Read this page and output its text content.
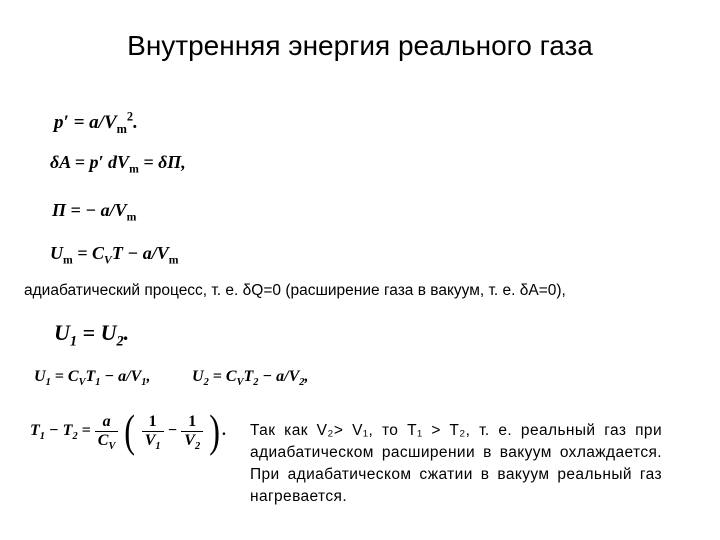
Внутренняя энергия реального газа
$p' = a/V_m^2$.
δA = p′ $dV_m = \delta\Pi$,
Π = − $a/V_m$
$U_m = C_VT - a/V_m$
адиабатический процесс, т. е. δQ=0 (расширение газа в вакуум, т. е. δA=0),
$U_1 = U_2$.
$U_1 = C_VT_1 - a/V_1$,	$U_2 = C_VT_2 - a/V_2$,
$T_1 - T_2 = \frac{a}{C_V}$ ( $\frac{1}{V_1} - \frac{1}{V_2}$ ) . Так как V₂> V₁, то T₁ > T₂, т. е. реальный газ при адиабатическом расширении в вакуум охлаждается. При адиабатическом сжатии в вакуум реальный газ нагревается.
